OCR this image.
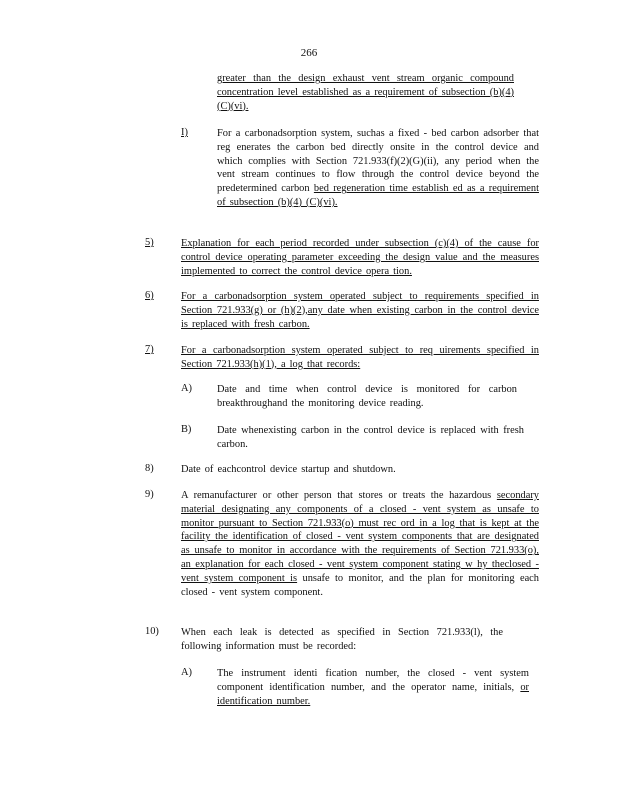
266
greater than the design exhaust vent stream organic compound concentration level established as a requirement of subsection (b)(4) (C)(vi).
I)	For a carbonadsorption system, suchas a fixed - bed carbon adsorber that reg enerates the carbon bed directly onsite in the control device and which complies with Section 721.933(f)(2)(G)(ii), any period when the vent stream continues to flow through the control device beyond the predetermined carbon bed regeneration time establish ed as a requirement of subsection (b)(4) (C)(vi).
5)	Explanation for each period recorded under subsection (c)(4) of the cause for control device operating parameter exceeding the design value and the measures implemented to correct the control device opera tion.
6)	For a carbonadsorption system operated subject to requirements specified in Section 721.933(g) or (h)(2),any date when existing carbon in the control device is replaced with fresh carbon.
7)	For a carbonadsorption system operated subject to req uirements specified in Section 721.933(h)(1), a log that records:
A) Date and time when control device is monitored for carbon breakthroughand the monitoring device reading.
B) Date whenexisting carbon in the control device is replaced with fresh carbon.
8)	Date of eachcontrol device startup and shutdown.
9)	A remanufacturer or other person that stores or treats the hazardous secondary material designating any components of a closed - vent system as unsafe to monitor pursuant to Section 721.933(o) must rec ord in a log that is kept at the facility the identification of closed - vent system components that are designated as unsafe to monitor in accordance with the requirements of Section 721.933(o), an explanation for each closed - vent system component stating w hy theclosed - vent system component is unsafe to monitor, and the plan for monitoring each closed - vent system component.
10) When each leak is detected as specified in Section 721.933(l), the following information must be recorded:
A) The instrument identi fication number, the closed - vent system component identification number, and the operator name, initials, or identification number.
